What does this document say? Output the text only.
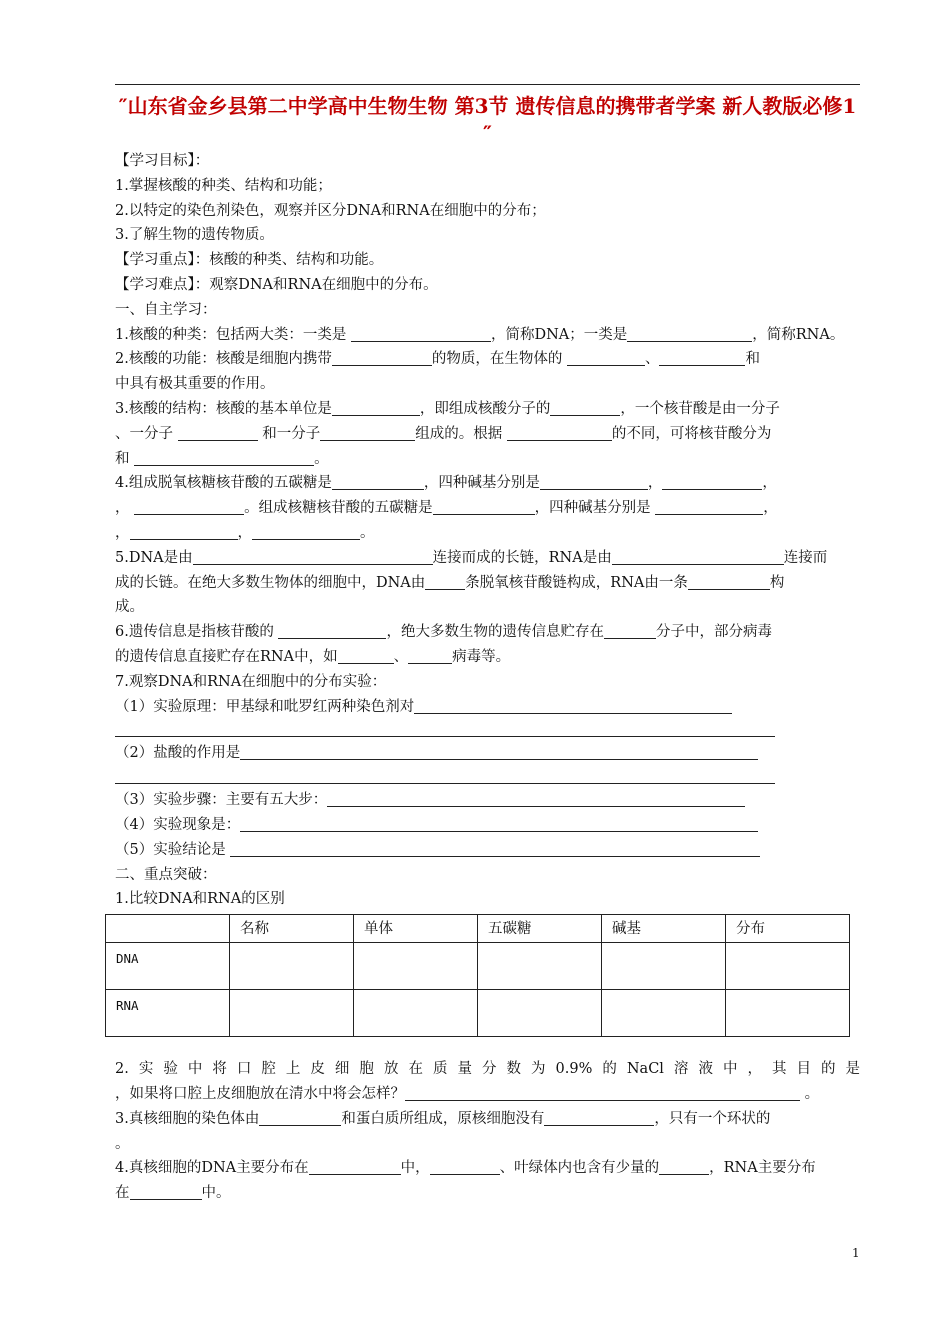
″山东省金乡县第二中学高中生物生物 第3节 遗传信息的携带者学案 新人教版必修1 ″
【学习目标】：
1.掌握核酸的种类、结构和功能；
2.以特定的染色剂染色，观察并区分DNA和RNA在细胞中的分布；
3.了解生物的遗传物质。
【学习重点】：核酸的种类、结构和功能。
【学习难点】：观察DNA和RNA在细胞中的分布。
一、自主学习：
1.核酸的种类：包括两大类：一类是	，简称DNA；一类是	，简称RNA。
2.核酸的功能：核酸是细胞内携带	的物质，在生物体的	、	和
中具有极其重要的作用。
3.核酸的结构：核酸的基本单位是	，即组成核酸分子的	，一个核苷酸是由一分子
、一分子	和一分子	组成的。根据	的不同，可将核苷酸分为
和	。
4.组成脱氧核糖核苷酸的五碳糖是	，四种碱基分别是	，	，
，	。组成核糖核苷酸的五碳糖是	，四种碱基分别是	，
，	，	。
5.DNA是由	连接而成的长链，RNA是由	连接而
成的长链。在绝大多数生物体的细胞中，DNA由	条脱氧核苷酸链构成，RNA由一条	构
成。
6.遗传信息是指核苷酸的	，绝大多数生物的遗传信息贮存在	分子中，部分病毒
的遗传信息直接贮存在RNA中，如	、	病毒等。
7.观察DNA和RNA在细胞中的分布实验：
（1）实验原理：甲基绿和吡罗红两种染色剂对
（2）盐酸的作用是
（3）实验步骤：主要有五大步：
（4）实验现象是：
（5）实验结论是
二、重点突破：
1.比较DNA和RNA的区别
	名称	单体	五碳糖	碱基	分布
DNA					
RNA					
2.实验中将口腔上皮细胞放在质量分数为0.9%的NaCl溶液中，其目的是
，如果将口腔上皮细胞放在清水中将会怎样？	。
3.真核细胞的染色体由	和蛋白质所组成，原核细胞没有	，只有一个环状的
。
4.真核细胞的DNA主要分布在	中，	、叶绿体内也含有少量的	，RNA主要分布
在	中。
1
